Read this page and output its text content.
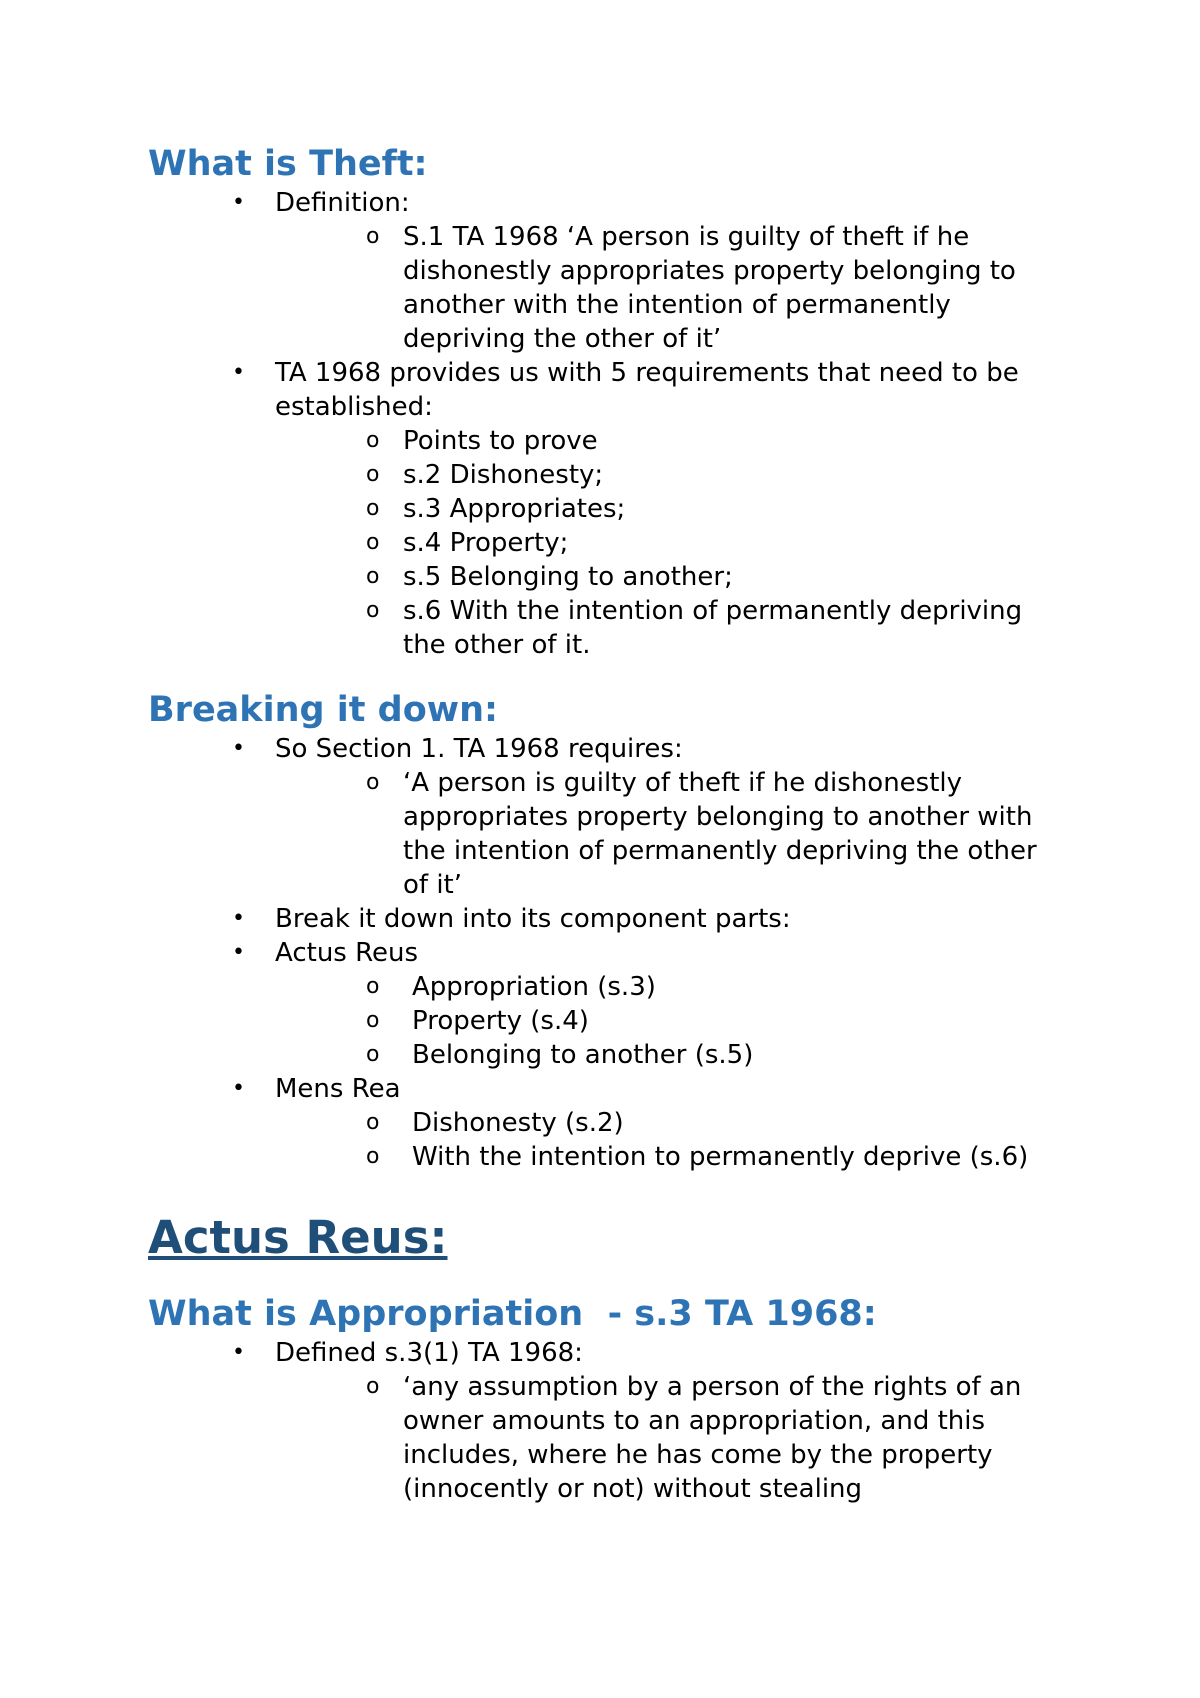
What is Theft:
• Definition:
o S.1 TA 1968 ‘A person is guilty of theft if he dishonestly appropriates property belonging to another with the intention of permanently depriving the other of it’
• TA 1968 provides us with 5 requirements that need to be established:
o Points to prove
o s.2 Dishonesty;
o s.3 Appropriates;
o s.4 Property;
o s.5 Belonging to another;
o s.6 With the intention of permanently depriving the other of it.
Breaking it down:
• So Section 1. TA 1968 requires:
o ‘A person is guilty of theft if he dishonestly appropriates property belonging to another with the intention of permanently depriving the other of it’
• Break it down into its component parts:
• Actus Reus
o Appropriation (s.3)
o Property (s.4)
o Belonging to another (s.5)
• Mens Rea
o Dishonesty (s.2)
o With the intention to permanently deprive (s.6)
Actus Reus:
What is Appropriation  - s.3 TA 1968:
• Defined s.3(1) TA 1968:
o ‘any assumption by a person of the rights of an owner amounts to an appropriation, and this includes, where he has come by the property (innocently or not) without stealing
